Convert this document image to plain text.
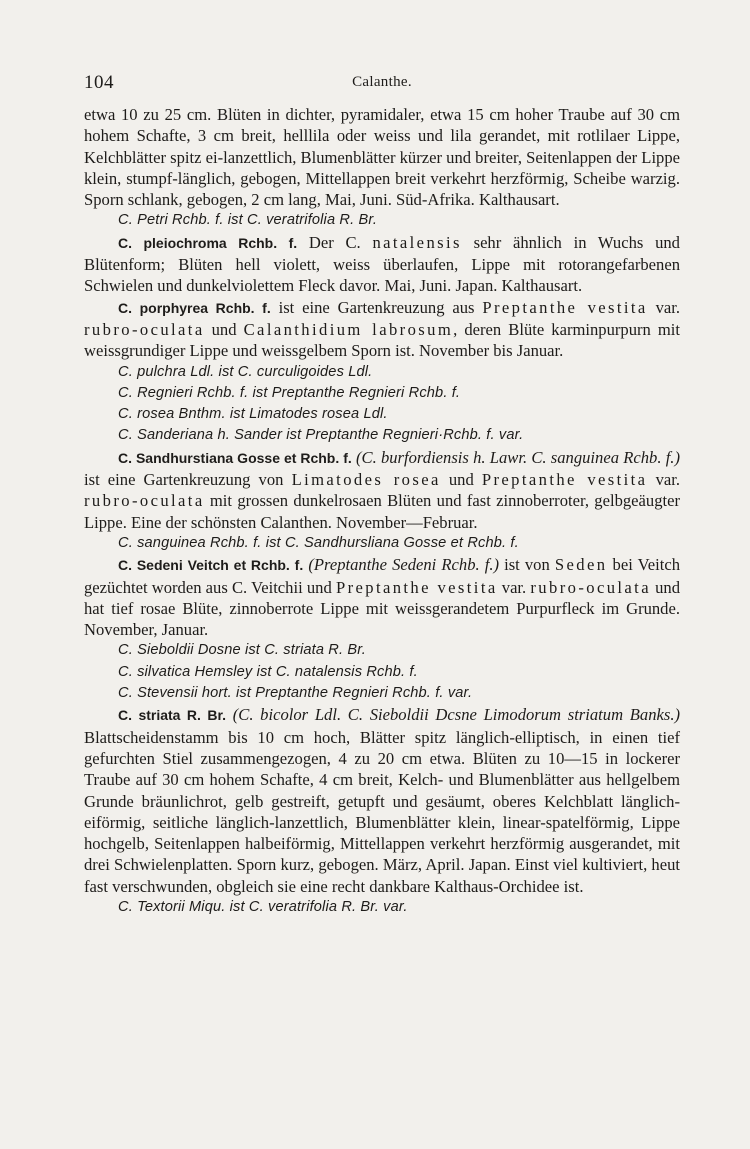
104	Calanthe.

etwa 10 zu 25 cm. Blüten in dichter, pyramidaler, etwa 15 cm hoher Traube auf 30 cm hohem Schafte, 3 cm breit, helllila oder weiss und lila gerandet, mit rotlilaer Lippe, Kelchblätter spitz ei-lanzettlich, Blumenblätter kürzer und breiter, Seitenlappen der Lippe klein, stumpf-länglich, gebogen, Mittellappen breit verkehrt herzförmig, Scheibe warzig. Sporn schlank, gebogen, 2 cm lang, Mai, Juni. Süd-Afrika. Kalthausart.

C. Petri Rchb. f. ist C. veratrifolia R. Br.

C. pleiochroma Rchb. f. Der C. natalensis sehr ähnlich in Wuchs und Blütenform; Blüten hell violett, weiss überlaufen, Lippe mit rotorangefarbenen Schwielen und dunkelviolettem Fleck davor. Mai, Juni. Japan. Kalthausart.

C. porphyrea Rchb. f. ist eine Gartenkreuzung aus Preptanthe vestita var. rubro-oculata und Calanthidium labrosum, deren Blüte karminpurpurn mit weissgrundiger Lippe und weissgelbem Sporn ist. November bis Januar.

C. pulchra Ldl. ist C. curculigoides Ldl.

C. Regnieri Rchb. f. ist Preptanthe Regnieri Rchb. f.

C. rosea Bnthm. ist Limatodes rosea Ldl.

C. Sanderiana h. Sander ist Preptanthe Regnieri·Rchb. f. var.

C. Sandhurstiana Gosse et Rchb. f. (C. burfordiensis h. Lawr. C. sanguinea Rchb. f.) ist eine Gartenkreuzung von Limatodes rosea und Preptanthe vestita var. rubro-oculata mit grossen dunkelrosaen Blüten und fast zinnoberroter, gelbgeäugter Lippe. Eine der schönsten Calanthen. November—Februar.

C. sanguinea Rchb. f. ist C. Sandhursliana Gosse et Rchb. f.

C. Sedeni Veitch et Rchb. f. (Preptanthe Sedeni Rchb. f.) ist von Seden bei Veitch gezüchtet worden aus C. Veitchii und Preptanthe vestita var. rubro-oculata und hat tief rosae Blüte, zinnoberrote Lippe mit weissgerandetem Purpurfleck im Grunde. November, Januar.

C. Sieboldii Dosne ist C. striata R. Br.

C. silvatica Hemsley ist C. natalensis Rchb. f.

C. Stevensii hort. ist Preptanthe Regnieri Rchb. f. var.

C. striata R. Br. (C. bicolor Ldl. C. Sieboldii Dcsne Limodorum striatum Banks.) Blattscheidenstamm bis 10 cm hoch, Blätter spitz länglich-elliptisch, in einen tief gefurchten Stiel zusammengezogen, 4 zu 20 cm etwa. Blüten zu 10—15 in lockerer Traube auf 30 cm hohem Schafte, 4 cm breit, Kelch- und Blumenblätter aus hellgelbem Grunde bräunlichrot, gelb gestreift, getupft und gesäumt, oberes Kelchblatt länglich-eiförmig, seitliche länglich-lanzettlich, Blumenblätter klein, linear-spatelförmig, Lippe hochgelb, Seitenlappen halbeiförmig, Mittellappen verkehrt herzförmig ausgerandet, mit drei Schwielenplatten. Sporn kurz, gebogen. März, April. Japan. Einst viel kultiviert, heut fast verschwunden, obgleich sie eine recht dankbare Kalthaus-Orchidee ist.

C. Textorii Miqu. ist C. veratrifolia R. Br. var.
